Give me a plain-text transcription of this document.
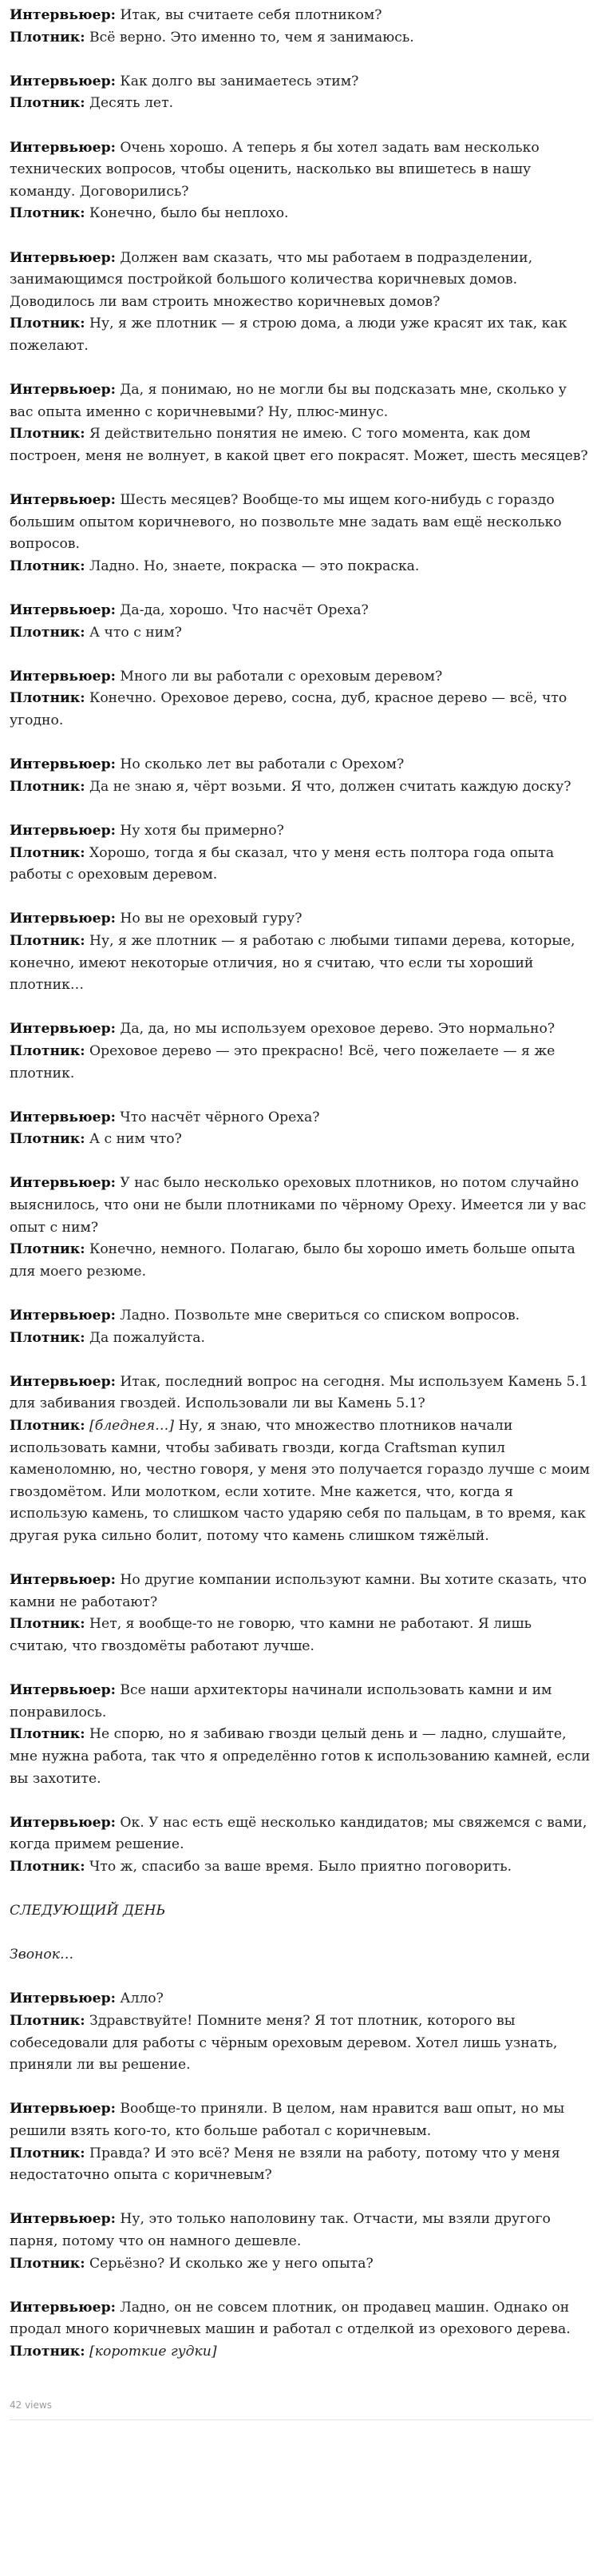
Интервьюер: Итак, вы считаете себя плотником?

Плотник: Всё верно. Это именно то, чем я занимаюсь.

Интервьюер: Как долго вы занимаетесь этим?

Плотник: Десять лет.

Интервьюер: Очень хорошо. А теперь я бы хотел задать вам несколько технических вопросов, чтобы оценить, насколько вы впишетесь в нашу команду. Договорились?

Плотник: Конечно, было бы неплохо.

Интервьюер: Должен вам сказать, что мы работаем в подразделении, занимающимся постройкой большого количества коричневых домов. Доводилось ли вам строить множество коричневых домов?

Плотник: Ну, я же плотник — я строю дома, а люди уже красят их так, как пожелают.

Интервьюер: Да, я понимаю, но не могли бы вы подсказать мне, сколько у вас опыта именно с коричневыми? Ну, плюс-минус.

Плотник: Я действительно понятия не имею. С того момента, как дом построен, меня не волнует, в какой цвет его покрасят. Может, шесть месяцев?

Интервьюер: Шесть месяцев? Вообще-то мы ищем кого-нибудь с гораздо большим опытом коричневого, но позвольте мне задать вам ещё несколько вопросов.

Плотник: Ладно. Но, знаете, покраска — это покраска.

Интервьюер: Да-да, хорошо. Что насчёт Ореха?

Плотник: А что с ним?

Интервьюер: Много ли вы работали с ореховым деревом?

Плотник: Конечно. Ореховое дерево, сосна, дуб, красное дерево — всё, что угодно.

Интервьюер: Но сколько лет вы работали с Орехом?

Плотник: Да не знаю я, чёрт возьми. Я что, должен считать каждую доску?

Интервьюер: Ну хотя бы примерно?

Плотник: Хорошо, тогда я бы сказал, что у меня есть полтора года опыта работы с ореховым деревом.

Интервьюер: Но вы не ореховый гуру?

Плотник: Ну, я же плотник — я работаю с любыми типами дерева, которые, конечно, имеют некоторые отличия, но я считаю, что если ты хороший плотник…

Интервьюер: Да, да, но мы используем ореховое дерево. Это нормально?

Плотник: Ореховое дерево — это прекрасно! Всё, чего пожелаете — я же плотник.

Интервьюер: Что насчёт чёрного Ореха?

Плотник: А с ним что?

Интервьюер: У нас было несколько ореховых плотников, но потом случайно выяснилось, что они не были плотниками по чёрному Ореху. Имеется ли у вас опыт с ним?

Плотник: Конечно, немного. Полагаю, было бы хорошо иметь больше опыта для моего резюме.

Интервьюер: Ладно. Позвольте мне свериться со списком вопросов.

Плотник: Да пожалуйста.

Интервьюер: Итак, последний вопрос на сегодня. Мы используем Камень 5.1 для забивания гвоздей. Использовали ли вы Камень 5.1?

Плотник: [бледнея…] Ну, я знаю, что множество плотников начали использовать камни, чтобы забивать гвозди, когда Craftsman купил каменоломню, но, честно говоря, у меня это получается гораздо лучше с моим гвоздомётом. Или молотком, если хотите. Мне кажется, что, когда я использую камень, то слишком часто ударяю себя по пальцам, в то время, как другая рука сильно болит, потому что камень слишком тяжёлый.

Интервьюер: Но другие компании используют камни. Вы хотите сказать, что камни не работают?

Плотник: Нет, я вообще-то не говорю, что камни не работают. Я лишь считаю, что гвоздомёты работают лучше.

Интервьюер: Все наши архитекторы начинали использовать камни и им понравилось.

Плотник: Не спорю, но я забиваю гвозди целый день и — ладно, слушайте, мне нужна работа, так что я определённо готов к использованию камней, если вы захотите.

Интервьюер: Ок. У нас есть ещё несколько кандидатов; мы свяжемся с вами, когда примем решение.

Плотник: Что ж, спасибо за ваше время. Было приятно поговорить.

СЛЕДУЮЩИЙ ДЕНЬ

Звонок…

Интервьюер: Алло?

Плотник: Здравствуйте! Помните меня? Я тот плотник, которого вы собеседовали для работы с чёрным ореховым деревом. Хотел лишь узнать, приняли ли вы решение.

Интервьюер: Вообще-то приняли. В целом, нам нравится ваш опыт, но мы решили взять кого-то, кто больше работал с коричневым.

Плотник: Правда? И это всё? Меня не взяли на работу, потому что у меня недостаточно опыта с коричневым?

Интервьюер: Ну, это только наполовину так. Отчасти, мы взяли другого парня, потому что он намного дешевле.

Плотник: Серьёзно? И сколько же у него опыта?

Интервьюер: Ладно, он не совсем плотник, он продавец машин. Однако он продал много коричневых машин и работал с отделкой из орехового дерева.

Плотник: [короткие гудки]

42 views
